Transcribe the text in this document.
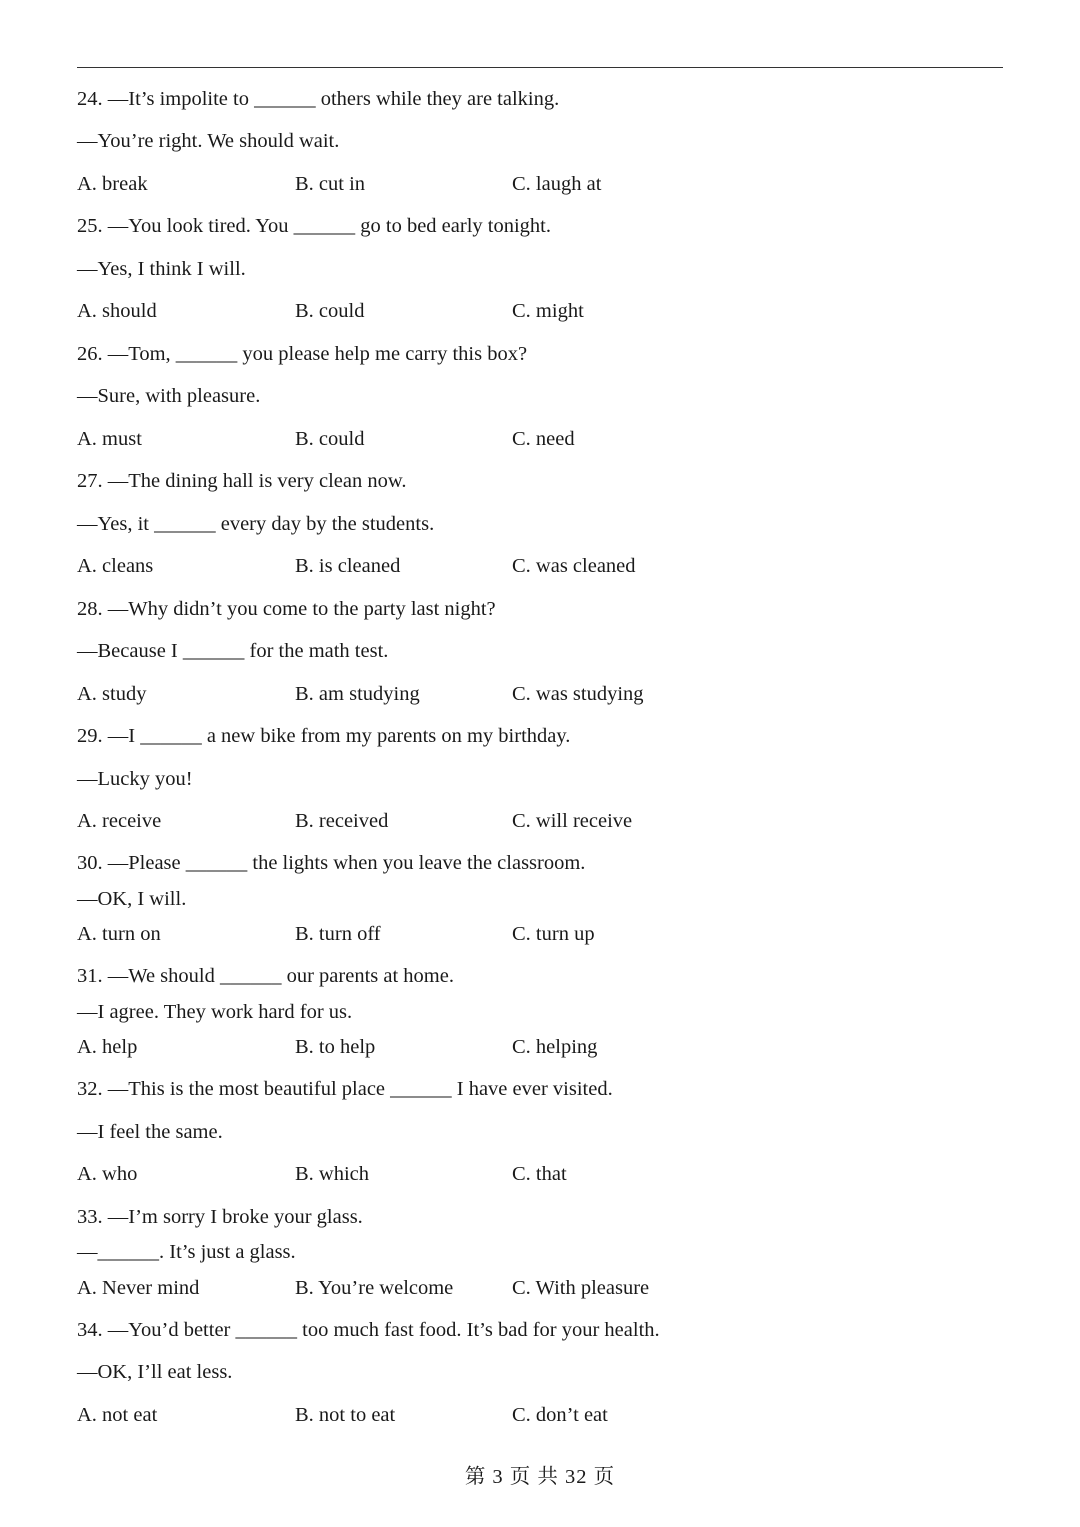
24. —It’s impolite to ______ others while they are talking.
—You’re right. We should wait.
A. break	B. cut in	C. laugh at
25. —You look tired. You ______ go to bed early tonight.
—Yes, I think I will.
A. should	B. could	C. might
26. —Tom, ______ you please help me carry this box?
—Sure, with pleasure.
A. must	B. could	C. need
27. —The dining hall is very clean now.
—Yes, it ______ every day by the students.
A. cleans	B. is cleaned	C. was cleaned
28. —Why didn’t you come to the party last night?
—Because I ______ for the math test.
A. study	B. am studying	C. was studying
29. —I ______ a new bike from my parents on my birthday.
—Lucky you!
A. receive	B. received	C. will receive
30. —Please ______ the lights when you leave the classroom.
—OK, I will.
A. turn on	B. turn off	C. turn up
31. —We should ______ our parents at home.
—I agree. They work hard for us.
A. help	B. to help	C. helping
32. —This is the most beautiful place ______ I have ever visited.
—I feel the same.
A. who	B. which	C. that
33. —I’m sorry I broke your glass.
—______. It’s just a glass.
A. Never mind	B. You’re welcome	C. With pleasure
34. —You’d better ______ too much fast food. It’s bad for your health.
—OK, I’ll eat less.
A. not eat	B. not to eat	C. don’t eat
第 3 页 共 32 页
